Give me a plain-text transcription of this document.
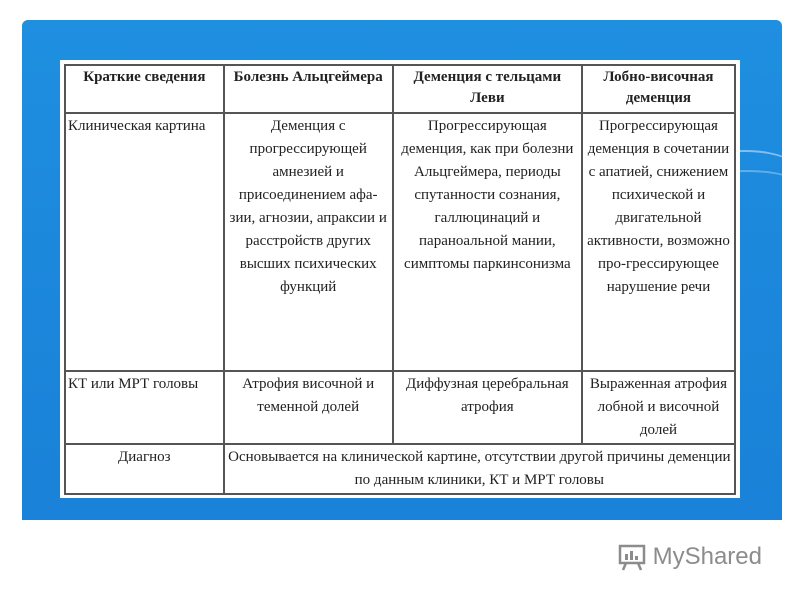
Краткие сведения	Болезнь Альцгеймера	Деменция с тельцами Леви	Лобно-височная деменция
Клиническая картина	Деменция с прогрессирующей амнезией и присоединением афа-зии, агнозии, апраксии и расстройств других высших психических функций	Прогрессирующая деменция, как при болезни Альцгеймера, периоды спутанности сознания, галлюцинаций и параноальной мании, симптомы паркинсонизма	Прогрессирующая деменция в сочетании с апатией, снижением психической и двигательной активности, возможно про-грессирующее нарушение речи
КТ или МРТ головы	Атрофия височной и теменной долей	Диффузная церебральная атрофия	Выраженная атрофия лобной и височной долей
Диагноз	Основывается на клинической картине, отсутствии другой причины деменции по данным клиники, КТ и МРТ головы		
MyShared
